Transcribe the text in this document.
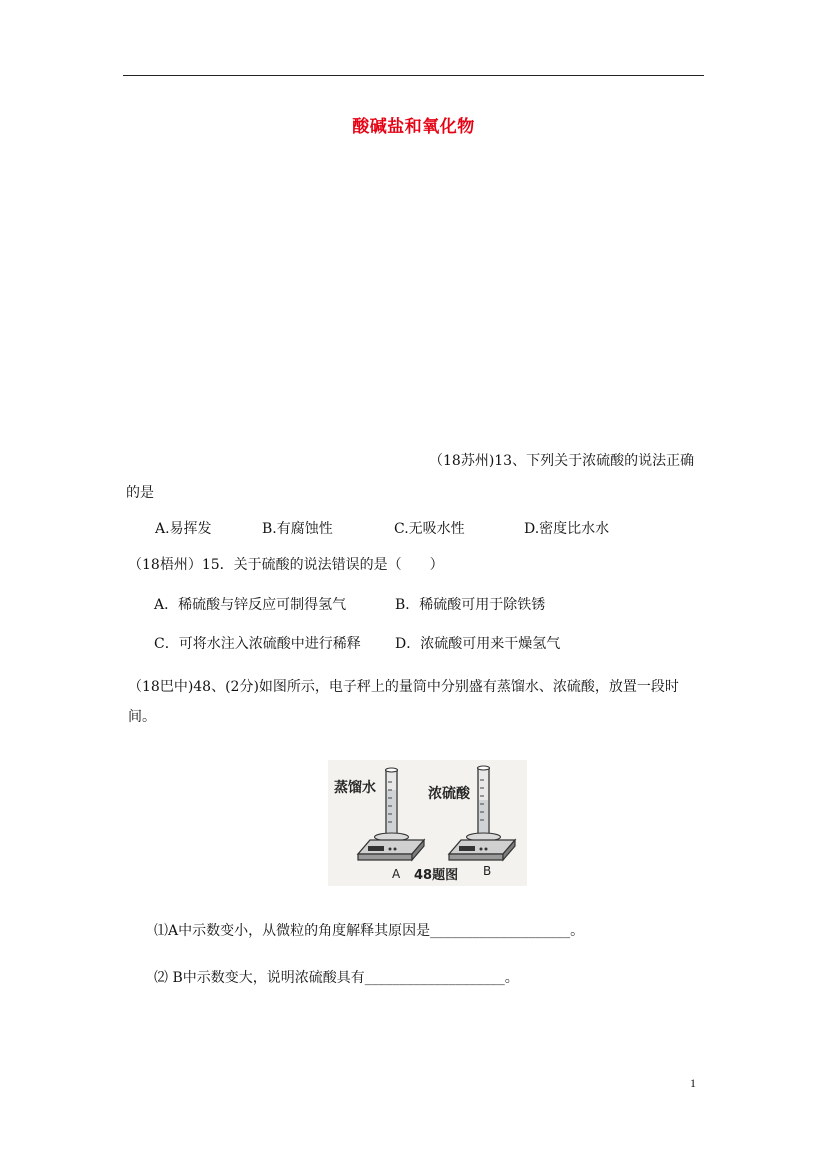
酸碱盐和氧化物
（18苏州)13、下列关于浓硫酸的说法正确
的是
A.易挥发	B.有腐蚀性	C.无吸水性	D.密度比水水
（18梧州）15．关于硫酸的说法错误的是（　　）
A．稀硫酸与锌反应可制得氢气	B．稀硫酸可用于除铁锈
C．可将水注入浓硫酸中进行稀释 D．浓硫酸可用来干燥氢气
（18巴中)48、(2分)如图所示，电子秤上的量筒中分别盛有蒸馏水、浓硫酸，放置一段时
间。
蒸馏水	浓硫酸
A 48题图 B
⑴A中示数变小，从微粒的角度解释其原因是____________________。
⑵ B中示数变大，说明浓硫酸具有____________________。
1
